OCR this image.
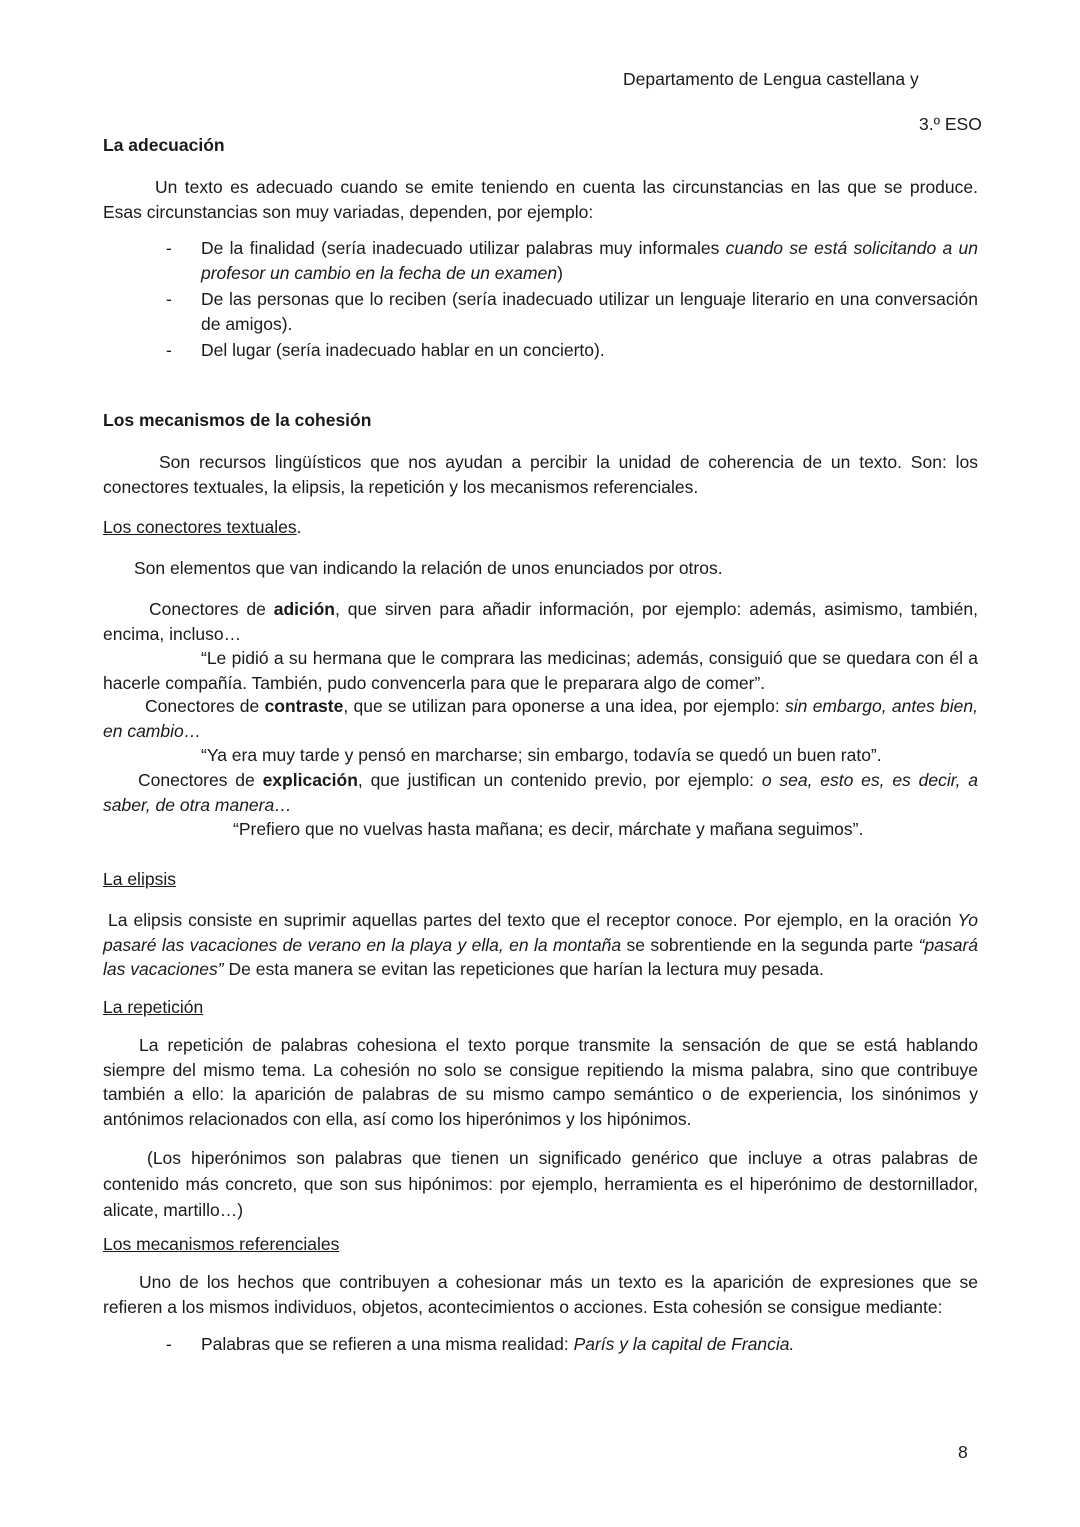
Departamento de Lengua castellana y
3.º ESO
La adecuación
Un texto es adecuado cuando se emite teniendo en cuenta las circunstancias en las que se produce. Esas circunstancias son muy variadas, dependen, por ejemplo:
- De la finalidad (sería inadecuado utilizar palabras muy informales cuando se está solicitando a un profesor un cambio en la fecha de un examen)
- De las personas que lo reciben (sería inadecuado utilizar un lenguaje literario en una conversación de amigos).
- Del lugar (sería inadecuado hablar en un concierto).
Los mecanismos de la cohesión
Son recursos lingüísticos que nos ayudan a percibir la unidad de coherencia de un texto. Son: los conectores textuales, la elipsis, la repetición y los mecanismos referenciales.
Los conectores textuales.
Son elementos que van indicando la relación de unos enunciados por otros.
Conectores de adición, que sirven para añadir información, por ejemplo: además, asimismo, también, encima, incluso…
“Le pidió a su hermana que le comprara las medicinas; además, consiguió que se quedara con él a hacerle compañía. También, pudo convencerla para que le preparara algo de comer”.
Conectores de contraste, que se utilizan para oponerse a una idea, por ejemplo: sin embargo, antes bien, en cambio…
“Ya era muy tarde y pensó en marcharse; sin embargo, todavía se quedó un buen rato”.
Conectores de explicación, que justifican un contenido previo, por ejemplo: o sea, esto es, es decir, a saber, de otra manera…
“Prefiero que no vuelvas hasta mañana; es decir, márchate y mañana seguimos”.
La elipsis
La elipsis consiste en suprimir aquellas partes del texto que el receptor conoce. Por ejemplo, en la oración Yo pasaré las vacaciones de verano en la playa y ella, en la montaña se sobrentiende en la segunda parte “pasará las vacaciones” De esta manera se evitan las repeticiones que harían la lectura muy pesada.
La repetición
La repetición de palabras cohesiona el texto porque transmite la sensación de que se está hablando siempre del mismo tema. La cohesión no solo se consigue repitiendo la misma palabra, sino que contribuye también a ello: la aparición de palabras de su mismo campo semántico o de experiencia, los sinónimos y antónimos relacionados con ella, así como los hiperónimos y los hipónimos.
(Los hiperónimos son palabras que tienen un significado genérico que incluye a otras palabras de contenido más concreto, que son sus hipónimos: por ejemplo, herramienta es el hiperónimo de destornillador, alicate, martillo…)
Los mecanismos referenciales
Uno de los hechos que contribuyen a cohesionar más un texto es la aparición de expresiones que se refieren a los mismos individuos, objetos, acontecimientos o acciones. Esta cohesión se consigue mediante:
- Palabras que se refieren a una misma realidad: París y la capital de Francia.
8
